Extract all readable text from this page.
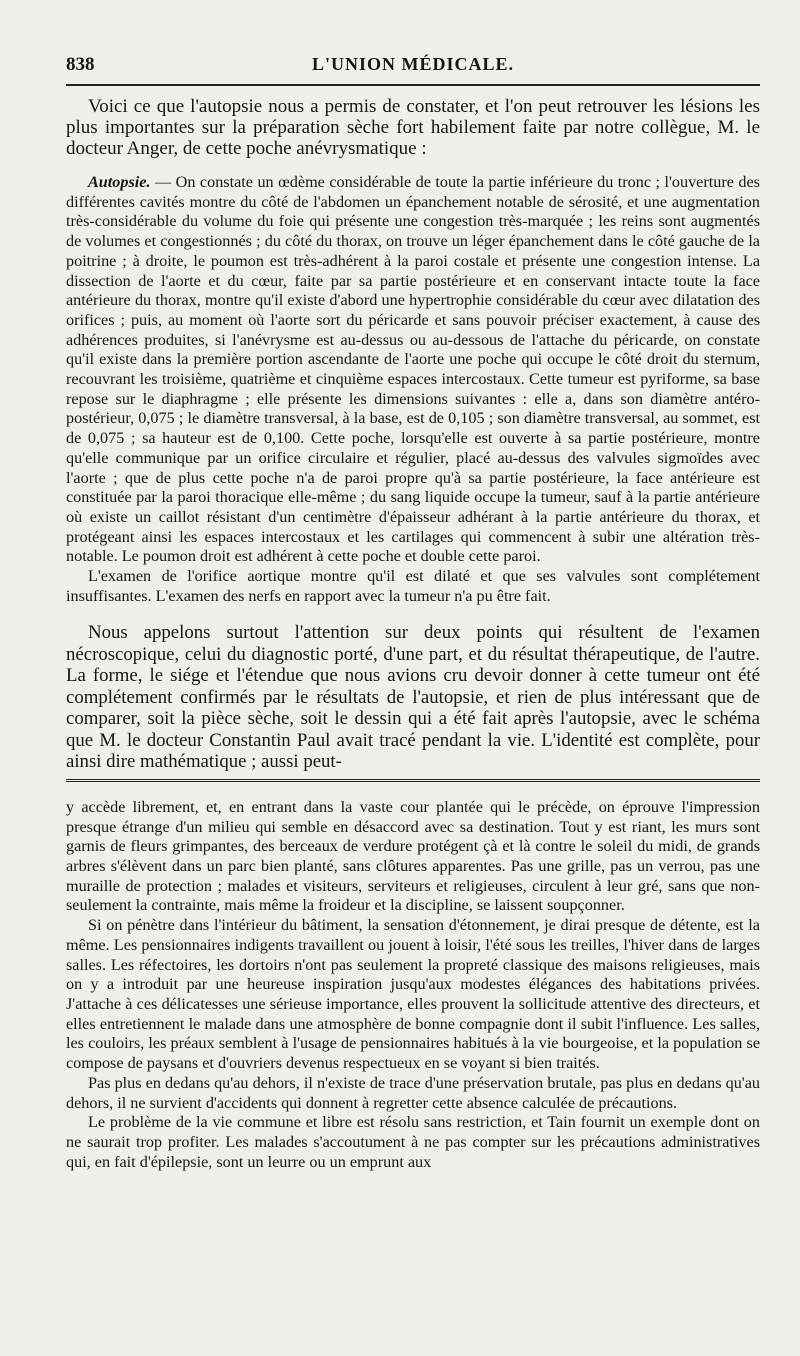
838	L'UNION MÉDICALE.

Voici ce que l'autopsie nous a permis de constater, et l'on peut retrouver les lésions les plus importantes sur la préparation sèche fort habilement faite par notre collègue, M. le docteur Anger, de cette poche anévrysmatique :

Autopsie. — On constate un œdème considérable de toute la partie inférieure du tronc ; l'ouverture des différentes cavités montre du côté de l'abdomen un épanchement notable de sérosité, et une augmentation très-considérable du volume du foie qui présente une congestion très-marquée ; les reins sont augmentés de volumes et congestionnés ; du côté du thorax, on trouve un léger épanchement dans le côté gauche de la poitrine ; à droite, le poumon est très-adhérent à la paroi costale et présente une congestion intense. La dissection de l'aorte et du cœur, faite par sa partie postérieure et en conservant intacte toute la face antérieure du thorax, montre qu'il existe d'abord une hypertrophie considérable du cœur avec dilatation des orifices ; puis, au moment où l'aorte sort du péricarde et sans pouvoir préciser exactement, à cause des adhérences produites, si l'anévrysme est au-dessus ou au-dessous de l'attache du péricarde, on constate qu'il existe dans la première portion ascendante de l'aorte une poche qui occupe le côté droit du sternum, recouvrant les troisième, quatrième et cinquième espaces intercostaux. Cette tumeur est pyriforme, sa base repose sur le diaphragme ; elle présente les dimensions suivantes : elle a, dans son diamètre antéro-postérieur, 0,075 ; le diamètre transversal, à la base, est de 0,105 ; son diamètre transversal, au sommet, est de 0,075 ; sa hauteur est de 0,100. Cette poche, lorsqu'elle est ouverte à sa partie postérieure, montre qu'elle communique par un orifice circulaire et régulier, placé au-dessus des valvules sigmoïdes avec l'aorte ; que de plus cette poche n'a de paroi propre qu'à sa partie postérieure, la face antérieure est constituée par la paroi thoracique elle-même ; du sang liquide occupe la tumeur, sauf à la partie antérieure où existe un caillot résistant d'un centimètre d'épaisseur adhérant à la partie antérieure du thorax, et protégeant ainsi les espaces intercostaux et les cartilages qui commencent à subir une altération très-notable. Le poumon droit est adhérent à cette poche et double cette paroi.

L'examen de l'orifice aortique montre qu'il est dilaté et que ses valvules sont complétement insuffisantes. L'examen des nerfs en rapport avec la tumeur n'a pu être fait.

Nous appelons surtout l'attention sur deux points qui résultent de l'examen nécroscopique, celui du diagnostic porté, d'une part, et du résultat thérapeutique, de l'autre. La forme, le siége et l'étendue que nous avions cru devoir donner à cette tumeur ont été complétement confirmés par le résultats de l'autopsie, et rien de plus intéressant que de comparer, soit la pièce sèche, soit le dessin qui a été fait après l'autopsie, avec le schéma que M. le docteur Constantin Paul avait tracé pendant la vie. L'identité est complète, pour ainsi dire mathématique ; aussi peut-

y accède librement, et, en entrant dans la vaste cour plantée qui le précède, on éprouve l'impression presque étrange d'un milieu qui semble en désaccord avec sa destination. Tout y est riant, les murs sont garnis de fleurs grimpantes, des berceaux de verdure protégent çà et là contre le soleil du midi, de grands arbres s'élèvent dans un parc bien planté, sans clôtures apparentes. Pas une grille, pas un verrou, pas une muraille de protection ; malades et visiteurs, serviteurs et religieuses, circulent à leur gré, sans que non-seulement la contrainte, mais même la froideur et la discipline, se laissent soupçonner.

Si on pénètre dans l'intérieur du bâtiment, la sensation d'étonnement, je dirai presque de détente, est la même. Les pensionnaires indigents travaillent ou jouent à loisir, l'été sous les treilles, l'hiver dans de larges salles. Les réfectoires, les dortoirs n'ont pas seulement la propreté classique des maisons religieuses, mais on y a introduit par une heureuse inspiration jusqu'aux modestes élégances des habitations privées. J'attache à ces délicatesses une sérieuse importance, elles prouvent la sollicitude attentive des directeurs, et elles entretiennent le malade dans une atmosphère de bonne compagnie dont il subit l'influence. Les salles, les couloirs, les préaux semblent à l'usage de pensionnaires habitués à la vie bourgeoise, et la population se compose de paysans et d'ouvriers devenus respectueux en se voyant si bien traités.

Pas plus en dedans qu'au dehors, il n'existe de trace d'une préservation brutale, pas plus en dedans qu'au dehors, il ne survient d'accidents qui donnent à regretter cette absence calculée de précautions.

Le problème de la vie commune et libre est résolu sans restriction, et Tain fournit un exemple dont on ne saurait trop profiter. Les malades s'accoutument à ne pas compter sur les précautions administratives qui, en fait d'épilepsie, sont un leurre ou un emprunt aux
